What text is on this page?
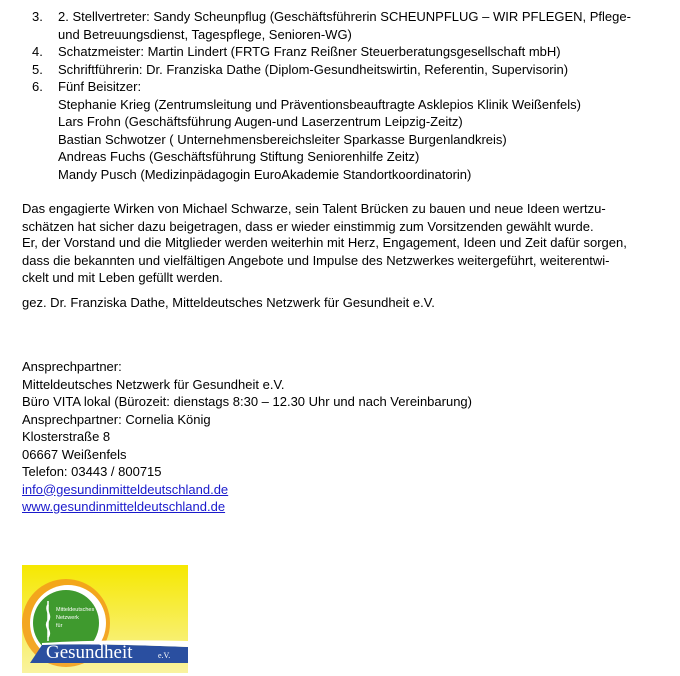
3. 2. Stellvertreter: Sandy Scheunpflug (Geschäftsführerin SCHEUNPFLUG – WIR PFLEGEN, Pflege-
und Betreuungsdienst, Tagespflege, Senioren-WG)
4. Schatzmeister: Martin Lindert (FRTG Franz Reißner Steuerberatungsgesellschaft mbH)
5. Schriftführerin: Dr. Franziska Dathe (Diplom-Gesundheitswirtin, Referentin, Supervisorin)
6. Fünf Beisitzer:
Stephanie Krieg (Zentrumsleitung und Präventionsbeauftragte Asklepios Klinik Weißenfels)
Lars Frohn (Geschäftsführung Augen-und Laserzentrum Leipzig-Zeitz)
Bastian Schwotzer ( Unternehmensbereichsleiter Sparkasse Burgenlandkreis)
Andreas Fuchs (Geschäftsführung Stiftung Seniorenhilfe Zeitz)
Mandy Pusch (Medizinpädagogin EuroAkademie Standortkoordinatorin)
Das engagierte Wirken von Michael Schwarze, sein Talent Brücken zu bauen und neue Ideen wertzu-
schätzen hat sicher dazu beigetragen, dass er wieder einstimmig zum Vorsitzenden gewählt wurde.
Er, der Vorstand und die Mitglieder werden weiterhin mit Herz, Engagement, Ideen und Zeit dafür sorgen,
dass die bekannten und vielfältigen Angebote und Impulse des Netzwerkes weitergeführt, weiterentwi-
ckelt und mit Leben gefüllt werden.
gez. Dr. Franziska Dathe, Mitteldeutsches Netzwerk für Gesundheit e.V.
Ansprechpartner:
Mitteldeutsches Netzwerk für Gesundheit e.V.
Büro VITA lokal (Bürozeit: dienstags 8:30 – 12.30 Uhr und nach Vereinbarung)
Ansprechpartner: Cornelia König
Klosterstraße 8
06667 Weißenfels
Telefon: 03443 / 800715
info@gesundinmitteldeutschland.de
www.gesundinmitteldeutschland.de
Mitteldeutsches
Netzwerk
für
Gesundheit	e.V.
